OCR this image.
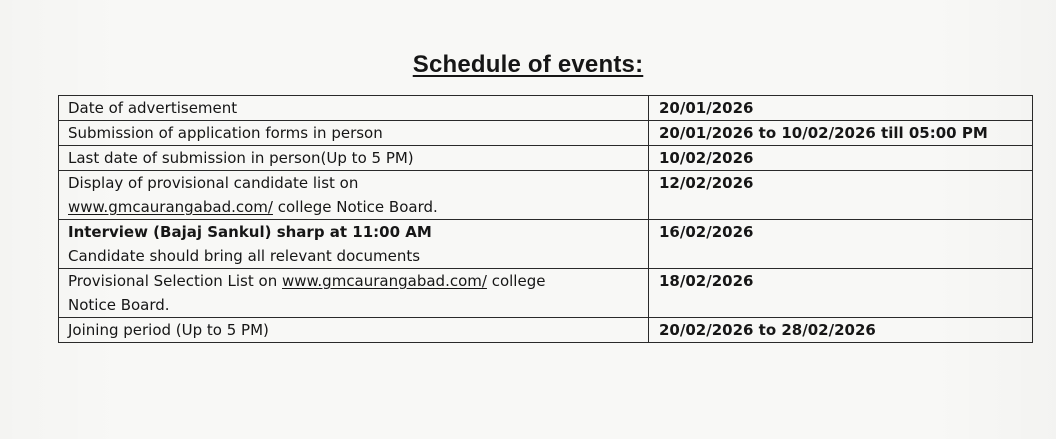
Schedule of events:
Date of advertisement	20/01/2026
Submission of application forms in person	20/01/2026 to 10/02/2026 till 05:00 PM
Last date of submission in person(Up to 5 PM)	10/02/2026

Display of provisional candidate list on
www.gmcaurangabad.com/ college Notice Board.	12/02/2026

Interview (Bajaj Sankul) sharp at 11:00 AM
Candidate should bring all relevant documents	16/02/2026

Provisional Selection List on www.gmcaurangabad.com/ college
Notice Board.	18/02/2026
Joining period (Up to 5 PM)	20/02/2026 to 28/02/2026
